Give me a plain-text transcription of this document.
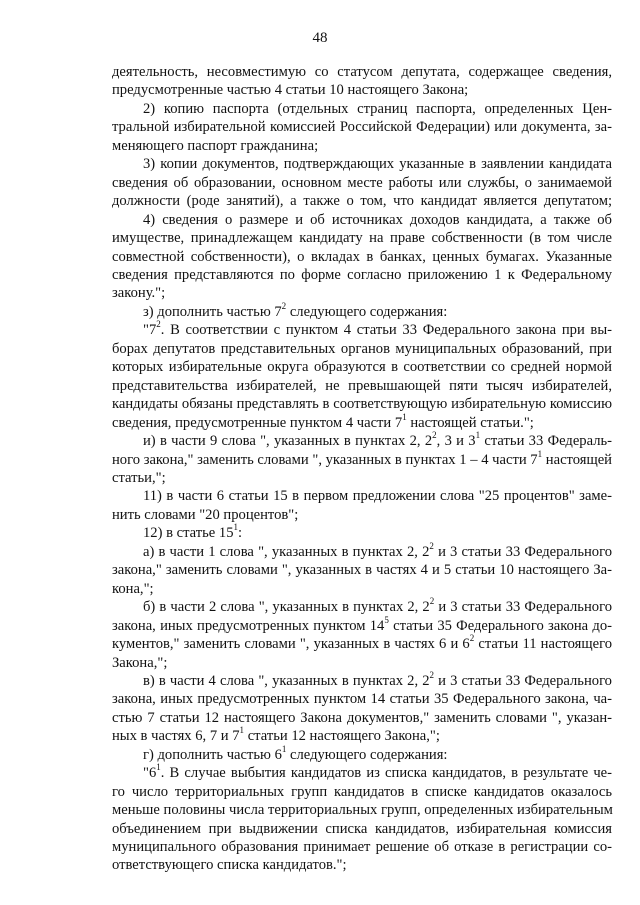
48
деятельность, несовместимую со статусом депутата, содержащее сведения,
предусмотренные частью 4 статьи 10 настоящего Закона;
2) копию паспорта (отдельных страниц паспорта, определенных Цен-
тральной избирательной комиссией Российской Федерации) или документа, за-
меняющего паспорт гражданина;
3) копии документов, подтверждающих указанные в заявлении кандидата
сведения об образовании, основном месте работы или службы, о занимаемой
должности (роде занятий), а также о том, что кандидат является депутатом;
4) сведения о размере и об источниках доходов кандидата, а также об
имуществе, принадлежащем кандидату на праве собственности (в том числе
совместной собственности), о вкладах в банках, ценных бумагах. Указанные
сведения представляются по форме согласно приложению 1 к Федеральному
закону.";
з) дополнить частью $7^2$ следующего содержания:
"$7^2$. В соответствии с пунктом 4 статьи 33 Федерального закона при вы-
борах депутатов представительных органов муниципальных образований, при
которых избирательные округа образуются в соответствии со средней нормой
представительства избирателей, не превышающей пяти тысяч избирателей,
кандидаты обязаны представлять в соответствующую избирательную комиссию
сведения, предусмотренные пунктом 4 части $7^1$ настоящей статьи.";
и) в части 9 слова ", указанных в пунктах 2, $2^2$, 3 и $3^1$ статьи 33 Федераль-
ного закона," заменить словами ", указанных в пунктах 1 – 4 части $7^1$ настоящей
статьи,";
11) в части 6 статьи 15 в первом предложении слова "25 процентов" заме-
нить словами "20 процентов";
12) в статье $15^1$:
а) в части 1 слова ", указанных в пунктах 2, $2^2$ и 3 статьи 33 Федерального
закона," заменить словами ", указанных в частях 4 и 5 статьи 10 настоящего За-
кона,";
б) в части 2 слова ", указанных в пунктах 2, $2^2$ и 3 статьи 33 Федерального
закона, иных предусмотренных пунктом $14^5$ статьи 35 Федерального закона до-
кументов," заменить словами ", указанных в частях 6 и $6^2$ статьи 11 настоящего
Закона,";
в) в части 4 слова ", указанных в пунктах 2, $2^2$ и 3 статьи 33 Федерального
закона, иных предусмотренных пунктом 14 статьи 35 Федерального закона, ча-
стью 7 статьи 12 настоящего Закона документов," заменить словами ", указан-
ных в частях 6, 7 и $7^1$ статьи 12 настоящего Закона,";
г) дополнить частью $6^1$ следующего содержания:
"$6^1$. В случае выбытия кандидатов из списка кандидатов, в результате че-
го число территориальных групп кандидатов в списке кандидатов оказалось
меньше половины числа территориальных групп, определенных избирательным
объединением при выдвижении списка кандидатов, избирательная комиссия
муниципального образования принимает решение об отказе в регистрации со-
ответствующего списка кандидатов.";
